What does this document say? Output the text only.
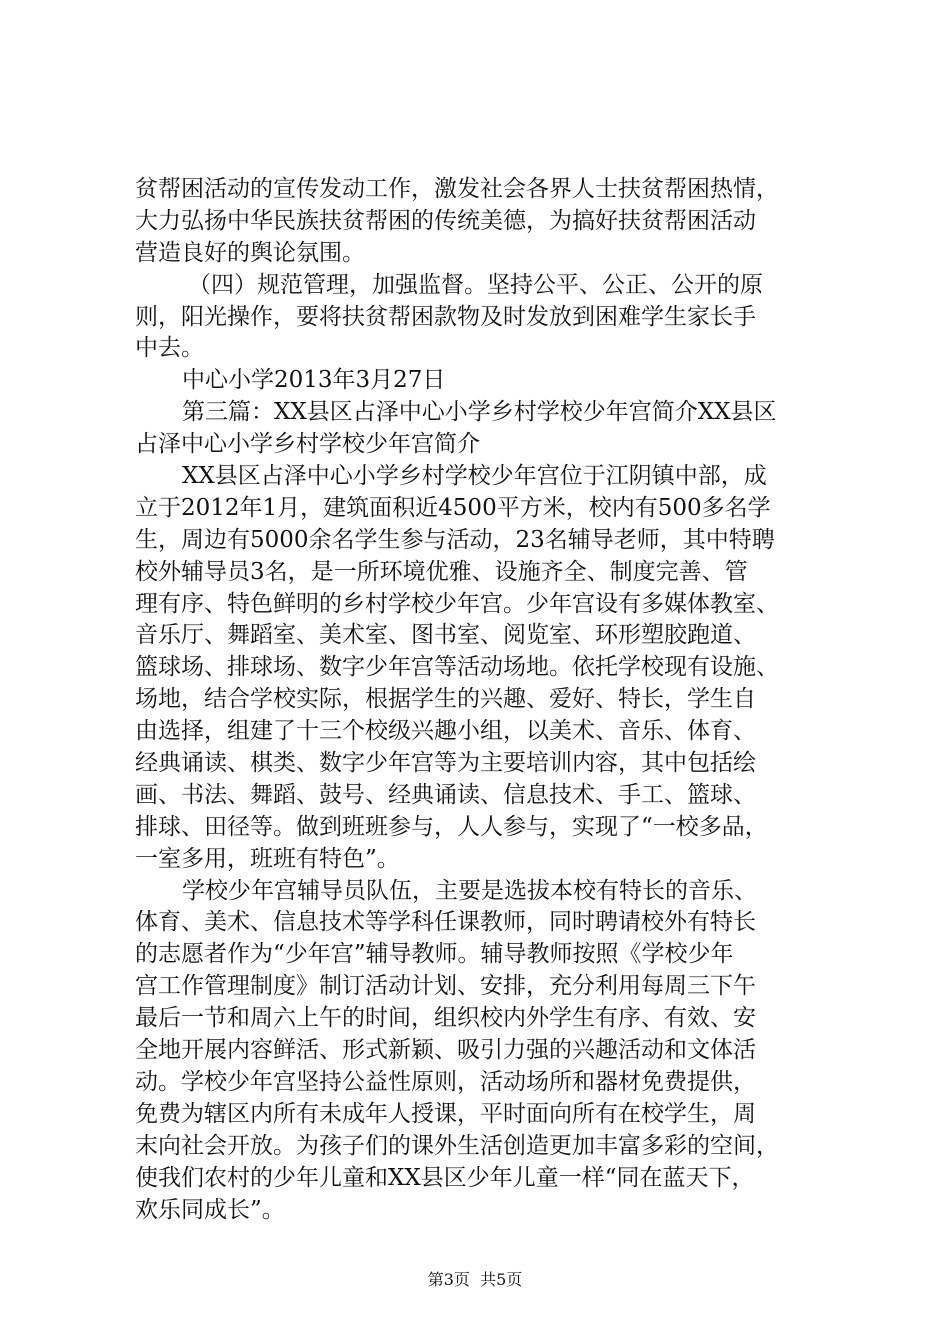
贫帮困活动的宣传发动工作，激发社会各界人士扶贫帮困热情，
大力弘扬中华民族扶贫帮困的传统美德，为搞好扶贫帮困活动
营造良好的舆论氛围。
（四）规范管理，加强监督。坚持公平、公正、公开的原
则，阳光操作，要将扶贫帮困款物及时发放到困难学生家长手
中去。
中心小学2013年3月27日
第三篇：XX县区占泽中心小学乡村学校少年宫简介XX县区
占泽中心小学乡村学校少年宫简介
XX县区占泽中心小学乡村学校少年宫位于江阴镇中部，成
立于2012年1月，建筑面积近4500平方米，校内有500多名学
生，周边有5000余名学生参与活动，23名辅导老师，其中特聘
校外辅导员3名，是一所环境优雅、设施齐全、制度完善、管
理有序、特色鲜明的乡村学校少年宫。少年宫设有多媒体教室、
音乐厅、舞蹈室、美术室、图书室、阅览室、环形塑胶跑道、
篮球场、排球场、数字少年宫等活动场地。依托学校现有设施、
场地，结合学校实际，根据学生的兴趣、爱好、特长，学生自
由选择，组建了十三个校级兴趣小组，以美术、音乐、体育、
经典诵读、棋类、数字少年宫等为主要培训内容，其中包括绘
画、书法、舞蹈、鼓号、经典诵读、信息技术、手工、篮球、
排球、田径等。做到班班参与，人人参与，实现了“一校多品，
一室多用，班班有特色”。
学校少年宫辅导员队伍，主要是选拔本校有特长的音乐、
体育、美术、信息技术等学科任课教师，同时聘请校外有特长
的志愿者作为“少年宫”辅导教师。辅导教师按照《学校少年
宫工作管理制度》制订活动计划、安排，充分利用每周三下午
最后一节和周六上午的时间，组织校内外学生有序、有效、安
全地开展内容鲜活、形式新颖、吸引力强的兴趣活动和文体活
动。学校少年宫坚持公益性原则，活动场所和器材免费提供，
免费为辖区内所有未成年人授课，平时面向所有在校学生，周
末向社会开放。为孩子们的课外生活创造更加丰富多彩的空间，
使我们农村的少年儿童和XX县区少年儿童一样“同在蓝天下，
欢乐同成长”。
第3页  共5页
